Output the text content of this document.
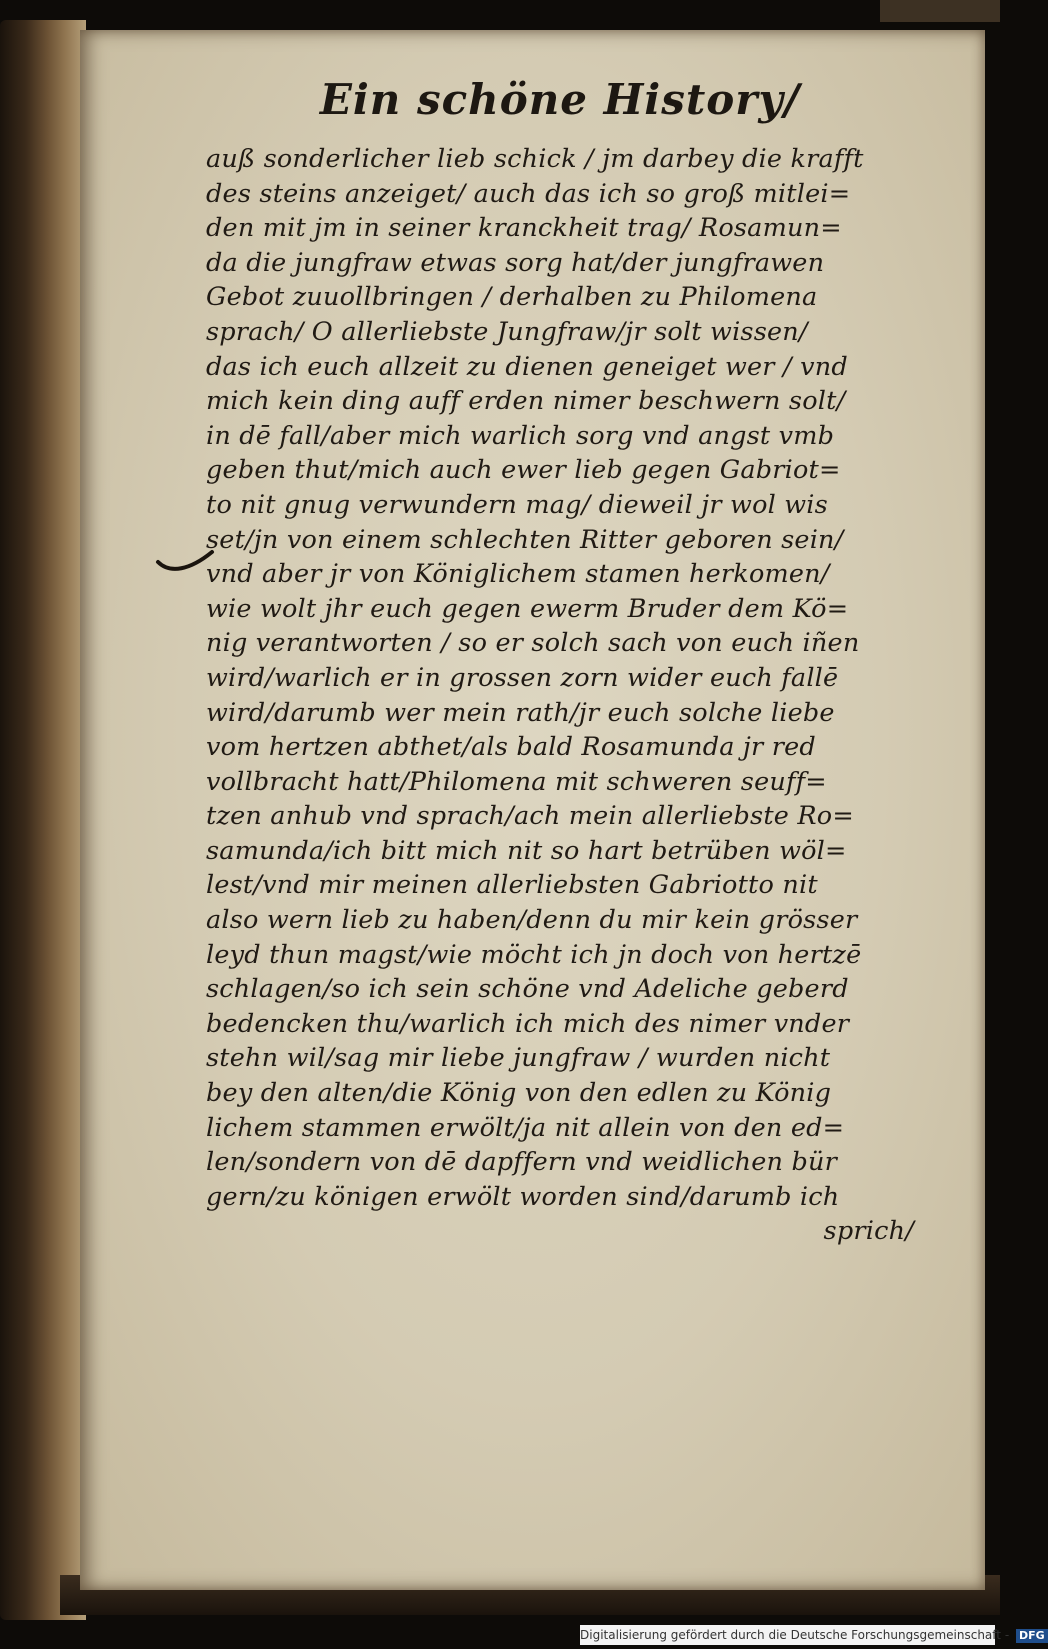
Ein schöne History/
auß sonderlicher lieb schick / jm darbey die krafft
des steins anzeiget/ auch das ich so groß mitlei=
den mit jm in seiner kranckheit trag/ Rosamun=
da die jungfraw etwas sorg hat/der jungfrawen
Gebot zuuollbringen / derhalben zu Philomena
sprach/ O allerliebste Jungfraw/jr solt wissen/
das ich euch allzeit zu dienen geneiget wer / vnd
mich kein ding auff erden nimer beschwern solt/
in dē fall/aber mich warlich sorg vnd angst vmb
geben thut/mich auch ewer lieb gegen Gabriot=
to nit gnug verwundern mag/ dieweil jr wol wis
set/jn von einem schlechten Ritter geboren sein/
vnd aber jr von Königlichem stamen herkomen/
wie wolt jhr euch gegen ewerm Bruder dem Kö=
nig verantworten / so er solch sach von euch iñen
wird/warlich er in grossen zorn wider euch fallē
wird/darumb wer mein rath/jr euch solche liebe
vom hertzen abthet/als bald Rosamunda jr red
vollbracht hatt/Philomena mit schweren seuff=
tzen anhub vnd sprach/ach mein allerliebste Ro=
samunda/ich bitt mich nit so hart betrüben wöl=
lest/vnd mir meinen allerliebsten Gabriotto nit
also wern lieb zu haben/denn du mir kein grösser
leyd thun magst/wie möcht ich jn doch von hertzē
schlagen/so ich sein schöne vnd Adeliche geberd
bedencken thu/warlich ich mich des nimer vnder
stehn wil/sag mir liebe jungfraw / wurden nicht
bey den alten/die König von den edlen zu König
lichem stammen erwölt/ja nit allein von den ed=
len/sondern von dē dapffern vnd weidlichen bür
gern/zu königen erwölt worden sind/darumb ich
sprich/
Digitalisierung gefördert durch die Deutsche Forschungsgemeinschaft - DFG
